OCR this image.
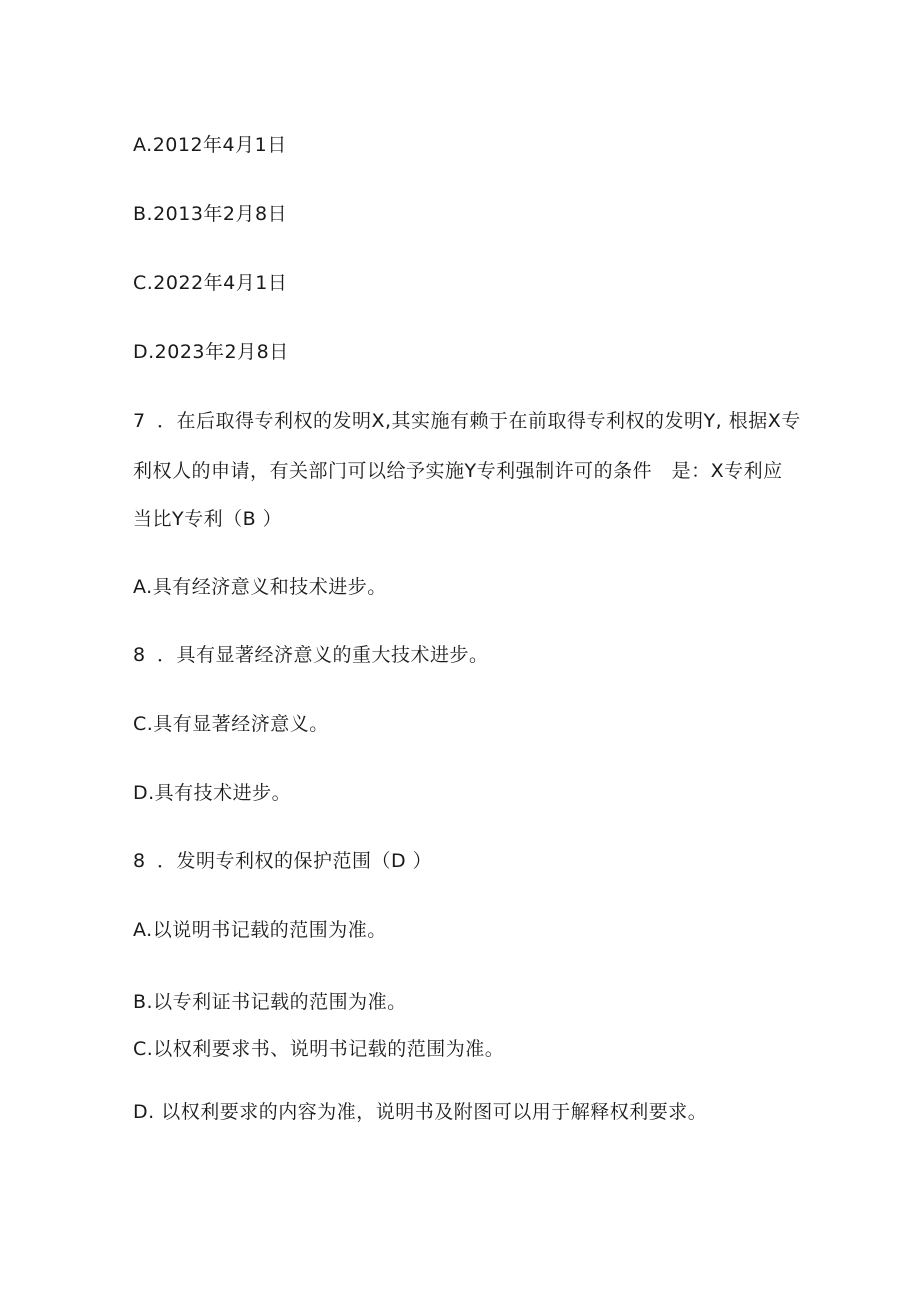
A.2012年4月1日
B.2013年2月8日
C.2022年4月1日
D.2023年2月8日
7 ．在后取得专利权的发明X,其实施有赖于在前取得专利权的发明Y, 根据X专
利权人的申请，有关部门可以给予实施Y专利强制许可的条件　是：X专利应
当比Y专利（B ）
A.具有经济意义和技术进步。
8 ．具有显著经济意义的重大技术进步。
C.具有显著经济意义。
D.具有技术进步。
8 ．发明专利权的保护范围（D ）
A.以说明书记载的范围为准。
B.以专利证书记载的范围为准。
C.以权利要求书、说明书记载的范围为准。
D. 以权利要求的内容为准，说明书及附图可以用于解释权利要求。
